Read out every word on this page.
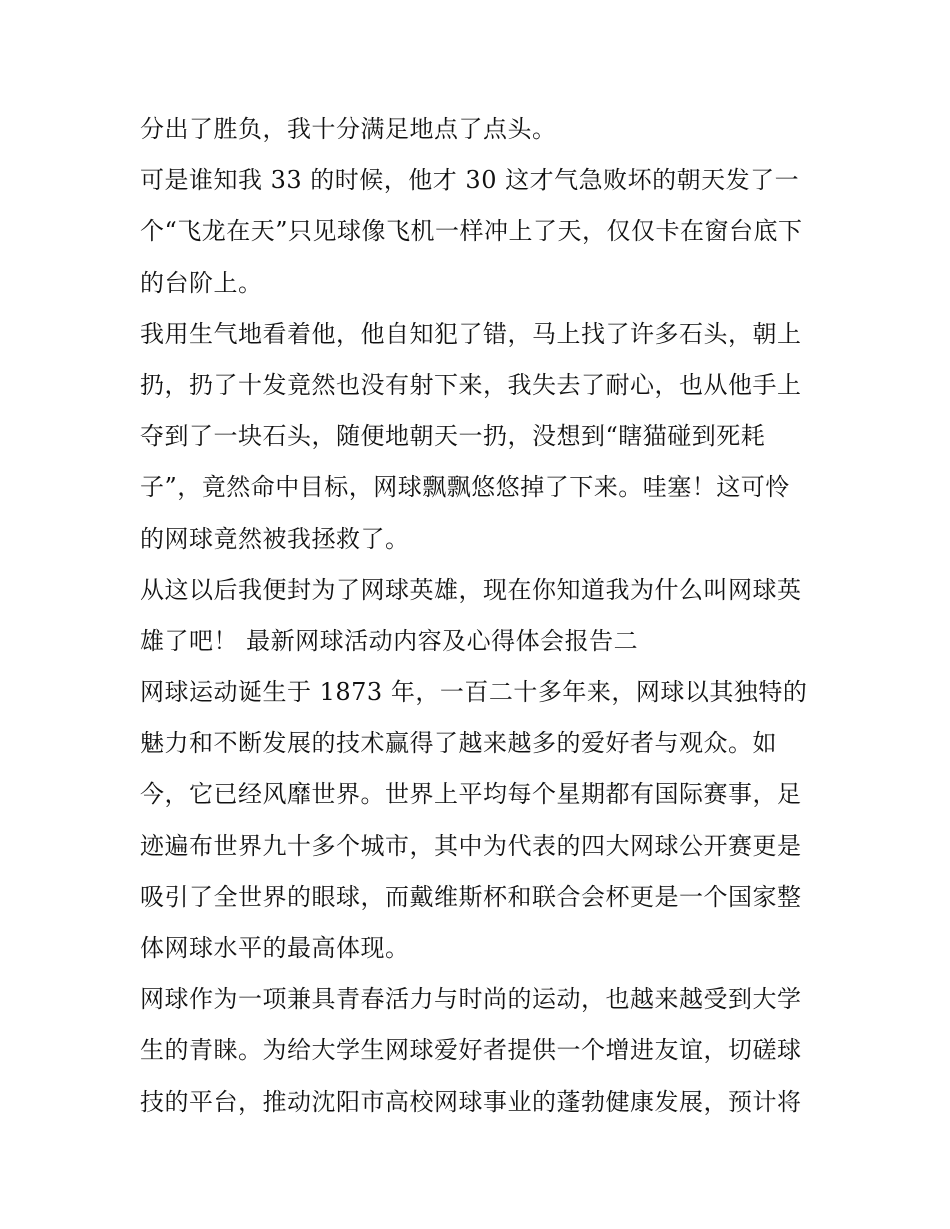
分出了胜负，我十分满足地点了点头。
可是谁知我 33 的时候，他才 30 这才气急败坏的朝天发了一
个“飞龙在天”只见球像飞机一样冲上了天，仅仅卡在窗台底下
的台阶上。
我用生气地看着他，他自知犯了错，马上找了许多石头，朝上
扔，扔了十发竟然也没有射下来，我失去了耐心，也从他手上
夺到了一块石头，随便地朝天一扔，没想到“瞎猫碰到死耗
子”，竟然命中目标，网球飘飘悠悠掉了下来。哇塞！这可怜
的网球竟然被我拯救了。
从这以后我便封为了网球英雄，现在你知道我为什么叫网球英
雄了吧！ 最新网球活动内容及心得体会报告二
网球运动诞生于 1873 年，一百二十多年来，网球以其独特的
魅力和不断发展的技术赢得了越来越多的爱好者与观众。如
今，它已经风靡世界。世界上平均每个星期都有国际赛事，足
迹遍布世界九十多个城市，其中为代表的四大网球公开赛更是
吸引了全世界的眼球，而戴维斯杯和联合会杯更是一个国家整
体网球水平的最高体现。
网球作为一项兼具青春活力与时尚的运动，也越来越受到大学
生的青睐。为给大学生网球爱好者提供一个增进友谊，切磋球
技的平台，推动沈阳市高校网球事业的蓬勃健康发展，预计将
